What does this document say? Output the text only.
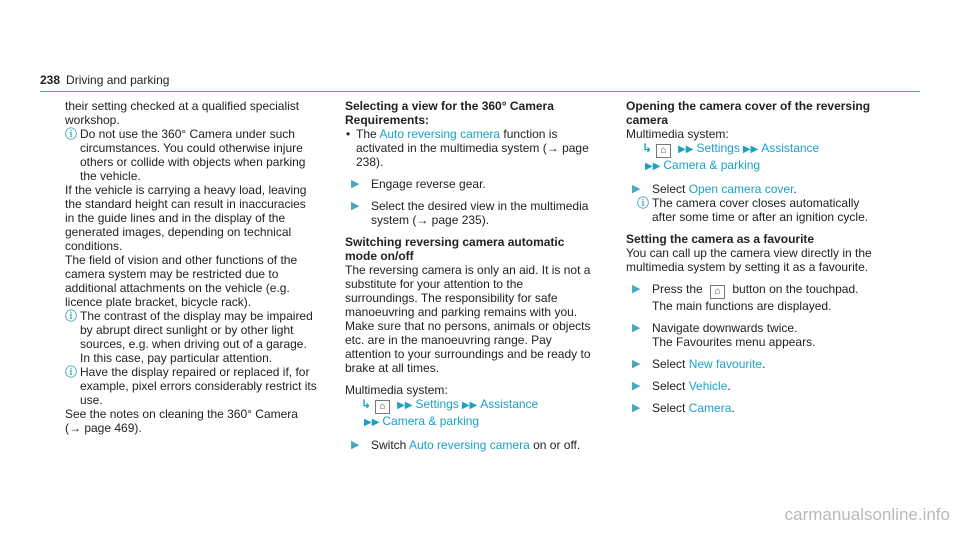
238 Driving and parking

their setting checked at a qualified specialist workshop.

ⓘ Do not use the 360° Camera under such circumstances. You could otherwise injure others or collide with objects when parking the vehicle.

If the vehicle is carrying a heavy load, leaving the standard height can result in inaccuracies in the guide lines and in the display of the generated images, depending on technical conditions.

The field of vision and other functions of the camera system may be restricted due to additional attachments on the vehicle (e.g. licence plate bracket, bicycle rack).

ⓘ The contrast of the display may be impaired by abrupt direct sunlight or by other light sources, e.g. when driving out of a garage. In this case, pay particular attention.
ⓘ Have the display repaired or replaced if, for example, pixel errors considerably restrict its use.

See the notes on cleaning the 360° Camera (→ page 469).

Selecting a view for the 360° Camera

Requirements:

• The Auto reversing camera function is activated in the multimedia system (→ page 238).
▶ Engage reverse gear.
▶ Select the desired view in the multimedia system (→ page 235).

Switching reversing camera automatic mode on/off

The reversing camera is only an aid. It is not a substitute for your attention to the surroundings. The responsibility for safe manoeuvring and parking remains with you. Make sure that no persons, animals or objects etc. are in the manoeuvring range. Pay attention to your surroundings and be ready to brake at all times.

Multimedia system:

↳ ⌂ ▶▶ Settings ▶▶ Assistance
▶▶ Camera & parking
▶ Switch Auto reversing camera on or off.

Opening the camera cover of the reversing camera

Multimedia system:

↳ ⌂ ▶▶ Settings ▶▶ Assistance
▶▶ Camera & parking
▶ Select Open camera cover.
ⓘ The camera cover closes automatically after some time or after an ignition cycle.

Setting the camera as a favourite

You can call up the camera view directly in the multimedia system by setting it as a favourite.

▶ Press the ⌂ button on the touchpad.
The main functions are displayed.
▶ Navigate downwards twice.
The Favourites menu appears.
▶ Select New favourite.
▶ Select Vehicle.
▶ Select Camera.
carmanualsonline.info
